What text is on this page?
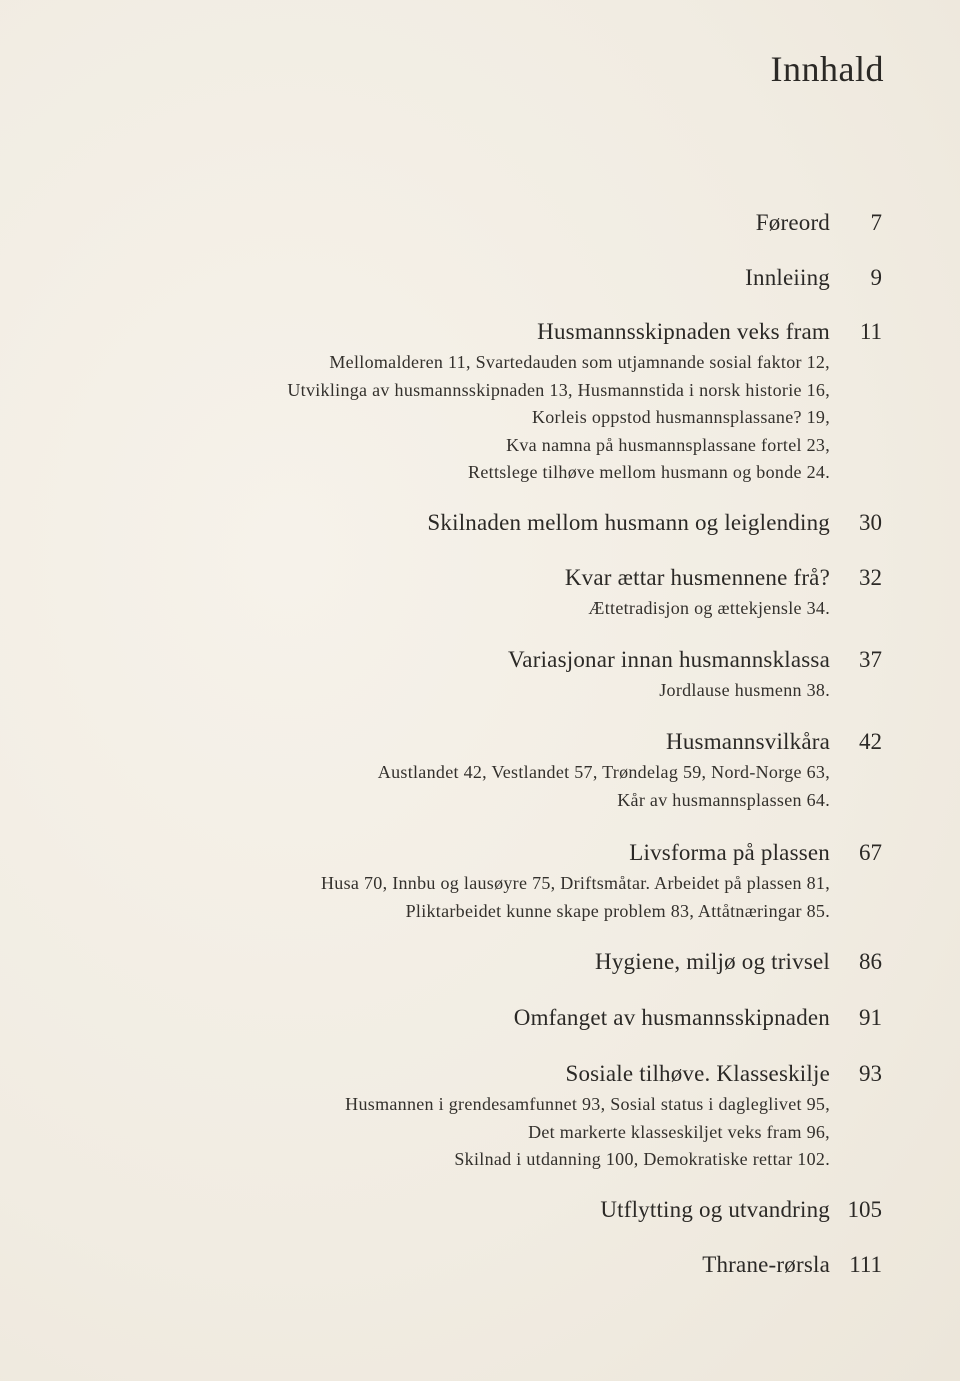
Innhald
Føreord 7
Innleiing 9
Husmannsskipnaden veks fram 11
Mellomalderen 11, Svartedauden som utjamnande sosial faktor 12,
Utviklinga av husmannsskipnaden 13, Husmannstida i norsk historie 16,
Korleis oppstod husmannsplassane? 19,
Kva namna på husmannsplassane fortel 23,
Rettslege tilhøve mellom husmann og bonde 24.
Skilnaden mellom husmann og leiglending 30
Kvar ættar husmennene frå? 32
Ættetradisjon og ættekjensle 34.
Variasjonar innan husmannsklassa 37
Jordlause husmenn 38.
Husmannsvilkåra 42
Austlandet 42, Vestlandet 57, Trøndelag 59, Nord-Norge 63,
Kår av husmannsplassen 64.
Livsforma på plassen 67
Husa 70, Innbu og lausøyre 75, Driftsmåtar. Arbeidet på plassen 81,
Pliktarbeidet kunne skape problem 83, Attåtnæringar 85.
Hygiene, miljø og trivsel 86
Omfanget av husmannsskipnaden 91
Sosiale tilhøve. Klasseskilje 93
Husmannen i grendesamfunnet 93, Sosial status i dagleglivet 95,
Det markerte klasseskiljet veks fram 96,
Skilnad i utdanning 100, Demokratiske rettar 102.
Utflytting og utvandring 105
Thrane-rørsla 111
